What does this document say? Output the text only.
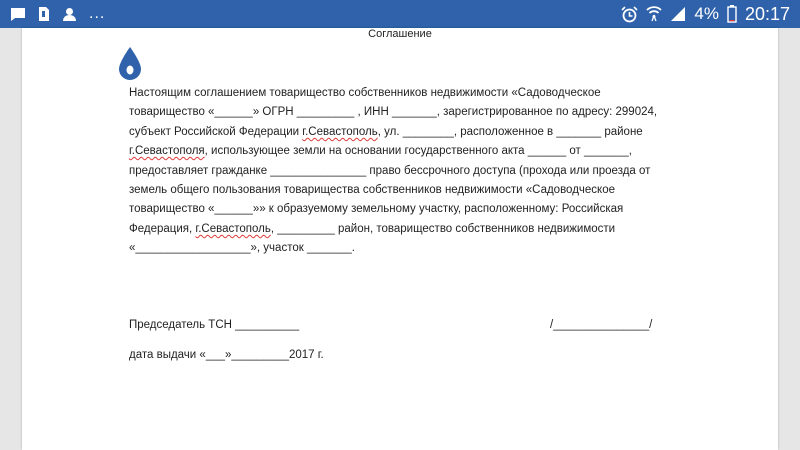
...	4% 20:17
Соглашение

Настоящим соглашением товарищество собственников недвижимости «Садоводческое
товарищество «______» ОГРН _________ , ИНН _______, зарегистрированное по адресу: 299024,
субъект Российской Федерации г.Севастополь, ул. ________, расположенное в _______ районе
г.Севастополя, использующее земли на основании государственного акта ______ от _______,
предоставляет гражданке _______________ право бессрочного доступа (прохода или проезда от
земель общего пользования товарищества собственников недвижимости «Садоводческое
товарищество «______»» к образуемому земельному участку, расположенному: Российская
Федерация, г.Севастополь, _________ район, товарищество собственников недвижимости
«__________________», участок _______.

Председатель ТСН __________	/_______________/
дата выдачи «___»_________2017 г.
